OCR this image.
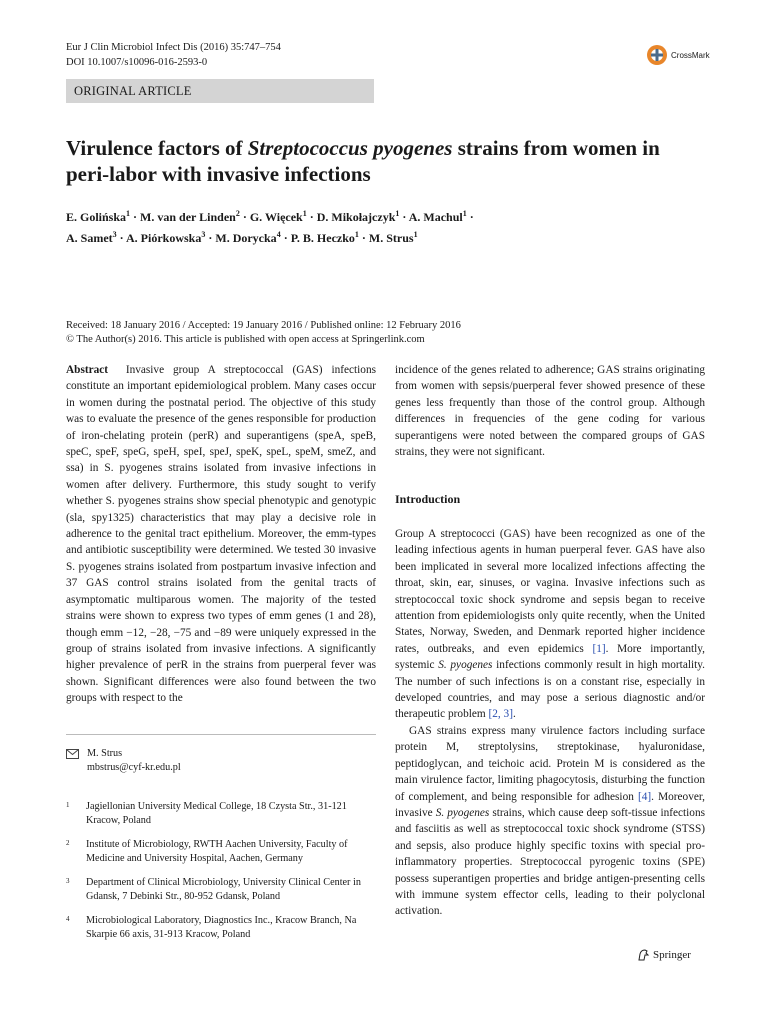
Eur J Clin Microbiol Infect Dis (2016) 35:747–754
DOI 10.1007/s10096-016-2593-0
CrossMark
ORIGINAL ARTICLE
Virulence factors of Streptococcus pyogenes strains from women in peri-labor with invasive infections
E. Golińska$^1$ · M. van der Linden$^2$ · G. Więcek$^1$ · D. Mikołajczyk$^1$ · A. Machul$^1$ ·
A. Samet$^3$ · A. Piórkowska$^3$ · M. Dorycka$^4$ · P. B. Heczko$^1$ · M. Strus$^1$
Received: 18 January 2016 / Accepted: 19 January 2016 / Published online: 12 February 2016
© The Author(s) 2016. This article is published with open access at Springerlink.com

Abstract Invasive group A streptococcal (GAS) infections constitute an important epidemiological problem. Many cases occur in women during the postnatal period. The objective of this study was to evaluate the presence of the genes responsible for production of iron-chelating protein (perR) and superantigens (speA, speB, speC, speF, speG, speH, speI, speJ, speK, speL, speM, smeZ, and ssa) in S. pyogenes strains isolated from invasive infections in women after delivery. Furthermore, this study sought to verify whether S. pyogenes strains show special phenotypic and genotypic (sla, spy1325) characteristics that may play a decisive role in adherence to the genital tract epithelium. Moreover, the emm-types and antibiotic susceptibility were determined. We tested 30 invasive S. pyogenes strains isolated from postpartum invasive infection and 37 GAS control strains isolated from the genital tracts of asymptomatic multiparous women. The majority of the tested strains were shown to express two types of emm genes (1 and 28), though emm −12, −28, −75 and −89 were uniquely expressed in the group of strains isolated from invasive infections. A significantly higher prevalence of perR in the strains from puerperal fever was shown. Significant differences were also found between the two groups with respect to the

incidence of the genes related to adherence; GAS strains originating from women with sepsis/puerperal fever showed presence of these genes less frequently than those of the control group. Although differences in frequencies of the gene coding for various superantigens were noted between the compared groups of GAS strains, they were not significant.

Introduction

Group A streptococci (GAS) have been recognized as one of the leading infectious agents in human puerperal fever. GAS have also been implicated in several more localized infections affecting the throat, skin, ear, sinuses, or vagina. Invasive infections such as streptococcal toxic shock syndrome and sepsis began to receive attention from epidemiologists only quite recently, when the United States, Norway, Sweden, and Denmark reported higher incidence rates, outbreaks, and even epidemics [1]. More importantly, systemic S. pyogenes infections commonly result in high mortality. The number of such infections is on a constant rise, especially in developed countries, and may pose a serious diagnostic and/or therapeutic problem [2, 3].

GAS strains express many virulence factors including surface protein M, streptolysins, streptokinase, hyaluronidase, peptidoglycan, and teichoic acid. Protein M is considered as the main virulence factor, limiting phagocytosis, disturbing the function of complement, and being responsible for adhesion [4]. Moreover, invasive S. pyogenes strains, which cause deep soft-tissue infections and fasciitis as well as streptococcal toxic shock syndrome (STSS) and sepsis, also produce highly specific toxins with special pro-inflammatory properties. Streptococcal pyrogenic toxins (SPE) possess superantigen properties and bridge antigen-presenting cells with immune system effector cells, leading to their polyclonal activation.

M. Strus
mbstrus@cyf-kr.edu.pl
1	Jagiellonian University Medical College, 18 Czysta Str., 31-121 Kracow, Poland
2	Institute of Microbiology, RWTH Aachen University, Faculty of Medicine and University Hospital, Aachen, Germany
3	Department of Clinical Microbiology, University Clinical Center in Gdansk, 7 Debinki Str., 80-952 Gdansk, Poland
4	Microbiological Laboratory, Diagnostics Inc., Kracow Branch, Na Skarpie 66 axis, 31-913 Kracow, Poland
Springer
